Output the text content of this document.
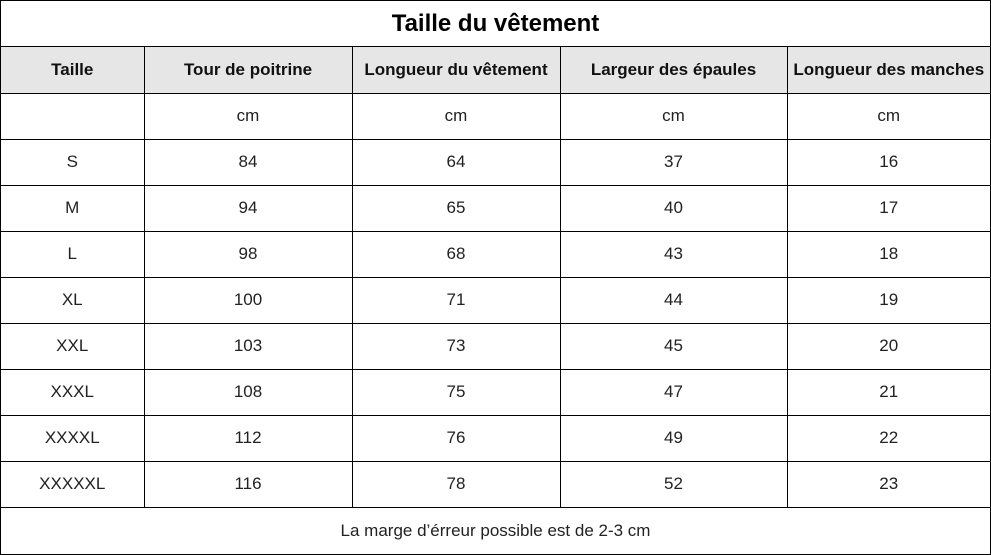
Taille du vêtement
Taille	Tour de poitrine	Longueur du vêtement	Largeur des épaules	Longueur des manches
	cm	cm	cm	cm
S	84	64	37	16
M	94	65	40	17
L	98	68	43	18
XL	100	71	44	19
XXL	103	73	45	20
XXXL	108	75	47	21
XXXXL	112	76	49	22
XXXXXL	116	78	52	23
La marge d’érreur possible est de 2-3 cm
